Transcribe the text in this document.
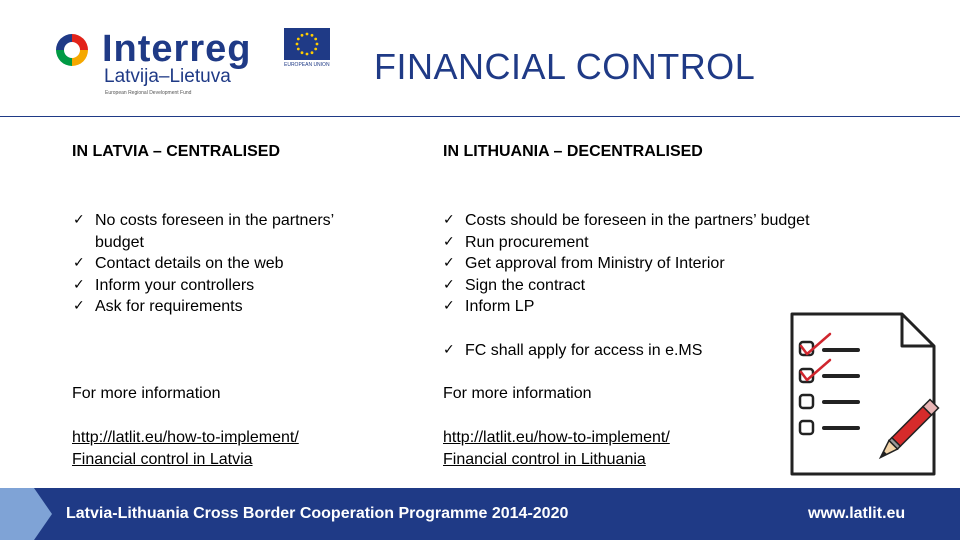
Interreg
Latvija–Lietuva
European Regional Development Fund
EUROPEAN UNION FINANCIAL CONTROL
IN LATVIA – CENTRALISED
✓ No costs foreseen in the partners’ budget
✓ Contact details on the web
✓ Inform your controllers
✓ Ask for requirements
For more information
http://latlit.eu/how-to-implement/
Financial control in Latvia
IN LITHUANIA – DECENTRALISED
✓ Costs should be foreseen in the partners’ budget
✓ Run procurement
✓ Get approval from Ministry of Interior
✓ Sign the contract
✓ Inform LP
✓ FC shall apply for access in e.MS
For more information
http://latlit.eu/how-to-implement/
Financial control in Lithuania
Latvia-Lithuania Cross Border Cooperation Programme 2014-2020	www.latlit.eu
